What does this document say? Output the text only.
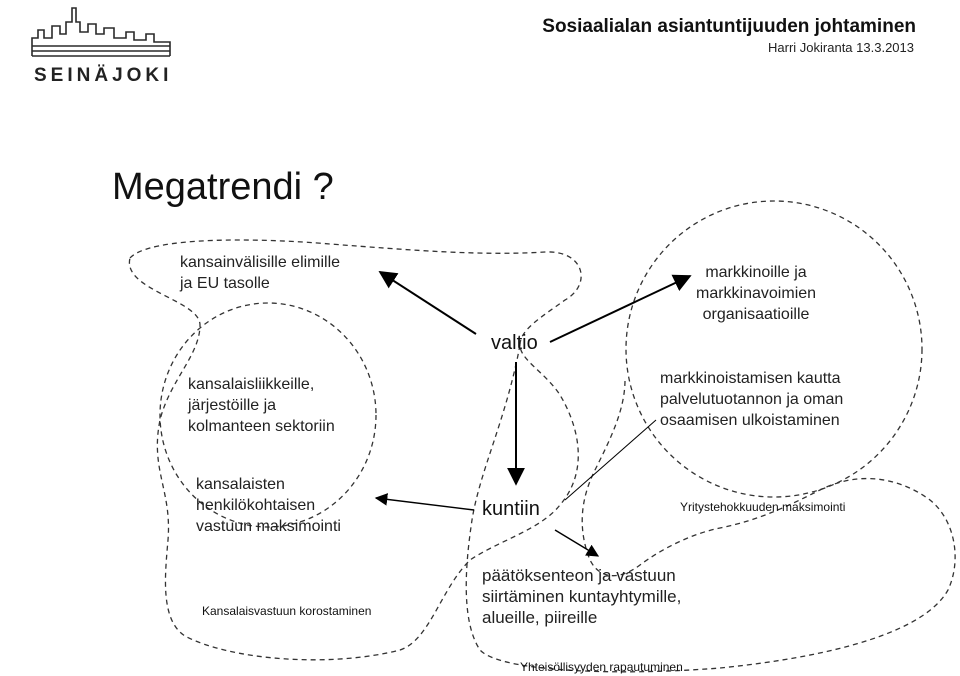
SEINÄJOKI
Sosiaalialan asiantuntijuuden johtaminen
Harri Jokiranta 13.3.2013
Megatrendi ?
kansainvälisille elimille
ja EU tasolle
kansalaisliikkeille,
järjestöille ja
kolmanteen sektoriin
kansalaisten
henkilökohtaisen
vastuun maksimointi
valtio
kuntiin
markkinoille ja
markkinavoimien
organisaatioille
markkinoistamisen kautta
palvelutuotannon ja oman
osaamisen ulkoistaminen
päätöksenteon ja vastuun
siirtäminen kuntayhtymille,
alueille, piireille
Kansalaisvastuun korostaminen
Yritystehokkuuden maksimointi
Yhteisöllisyyden rapautuminen
